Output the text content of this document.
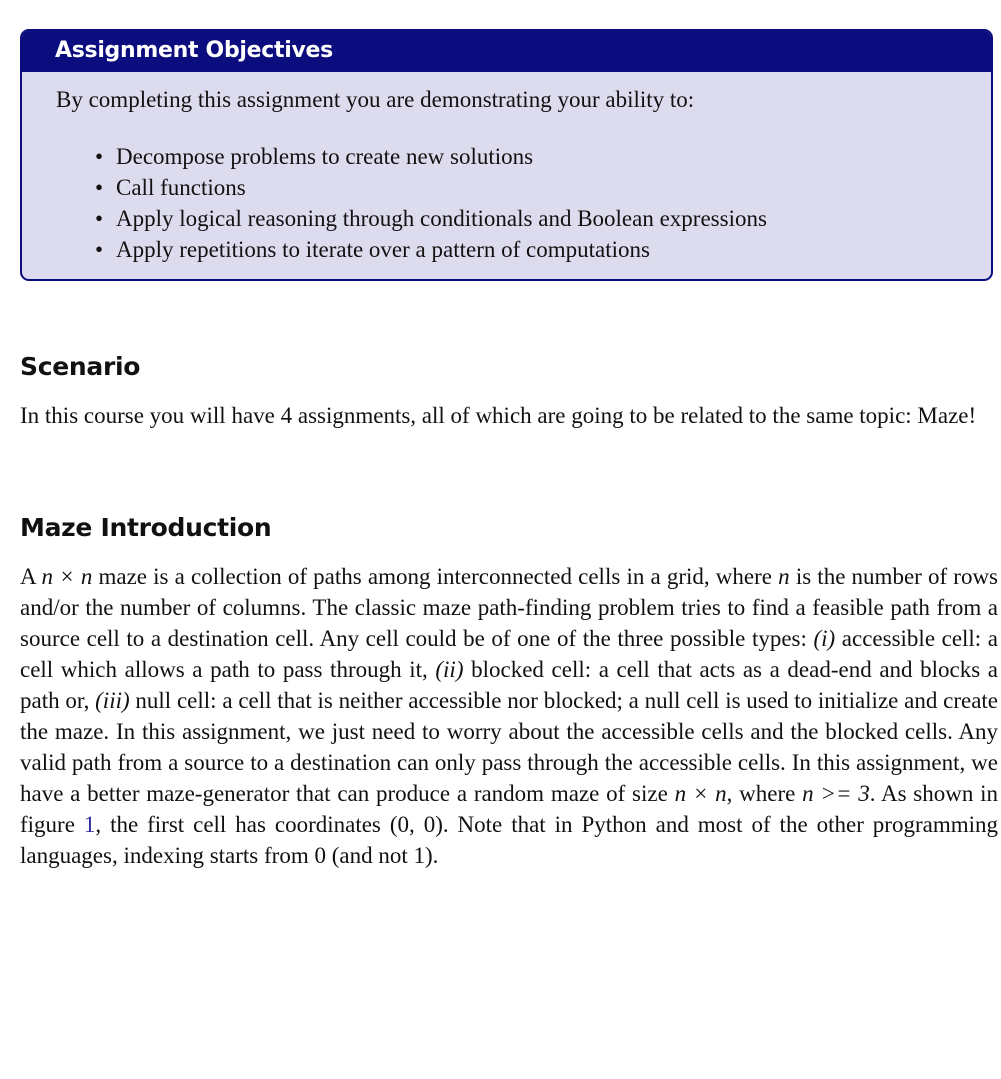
Assignment Objectives

By completing this assignment you are demonstrating your ability to:

• Decompose problems to create new solutions
• Call functions
• Apply logical reasoning through conditionals and Boolean expressions
• Apply repetitions to iterate over a pattern of computations
Scenario

In this course you will have 4 assignments, all of which are going to be related to the same topic: Maze!

Maze Introduction

A n × n maze is a collection of paths among interconnected cells in a grid, where n is the number of rows and/or the number of columns. The classic maze path-finding problem tries to find a feasible path from a source cell to a destination cell. Any cell could be of one of the three possible types: (i) accessible cell: a cell which allows a path to pass through it, (ii) blocked cell: a cell that acts as a dead-end and blocks a path or, (iii) null cell: a cell that is neither accessible nor blocked; a null cell is used to initialize and create the maze. In this assignment, we just need to worry about the accessible cells and the blocked cells. Any valid path from a source to a destination can only pass through the accessible cells. In this assignment, we have a better maze-generator that can produce a random maze of size n × n, where n >= 3. As shown in figure 1, the first cell has coordinates (0, 0). Note that in Python and most of the other programming languages, indexing starts from 0 (and not 1).
